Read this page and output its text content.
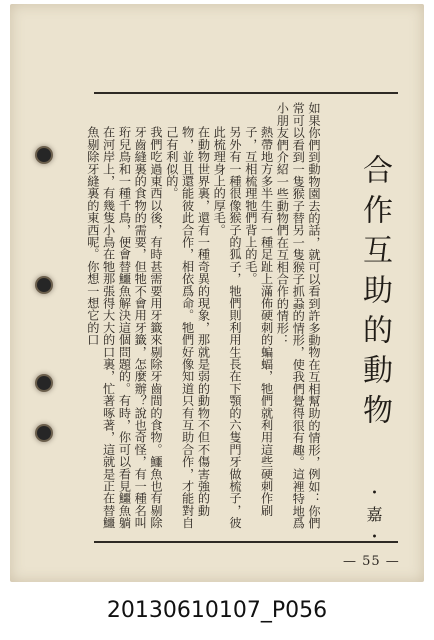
合作互助的動物

如果你們到動物園去的話，就可以看到許多動物在互相幫助的情形，例如：你們常可以看到一隻猴子替另一隻猴子抓蝨的情形，使我們覺得很有趣。這裡特地爲小朋友們介紹一些動物們在互相合作的情形：

熱帶地方多半生有一種足趾上滿佈硬刺的蝙蝠，牠們就利用這些硬刺作刷子，互相梳理牠們背上的毛。

另外有一種很像猴子的狐子，牠們則利用生長在下顎的六隻門牙做梳子，彼此梳理身上的厚毛。

在動物世界裏，還有一種奇異的現象，那就是弱的動物不但不傷害強的動物，並且還能彼此合作，相依爲命。牠們好像知道只有互助合作，才能對自己有利似的。

我們吃過東西以後，有時甚需要用牙籤來剔除牙齒間的食物。鱷魚也有剔除牙齒縫裏的食物的需要，但牠不會用牙籤，怎麼辦？說也奇怪，有一種名叫珩兒鳥和一種千鳥，便會替鱷魚解決這個問題的。有時，你可以看見鱷魚躺在河岸上，有幾隻小鳥在牠那張得大大的口裏，忙著啄著，這就是正在替鱷魚剔除牙縫裏的東西呢。你想一想它的口

・嘉・
— 55 —
20130610107_P056
